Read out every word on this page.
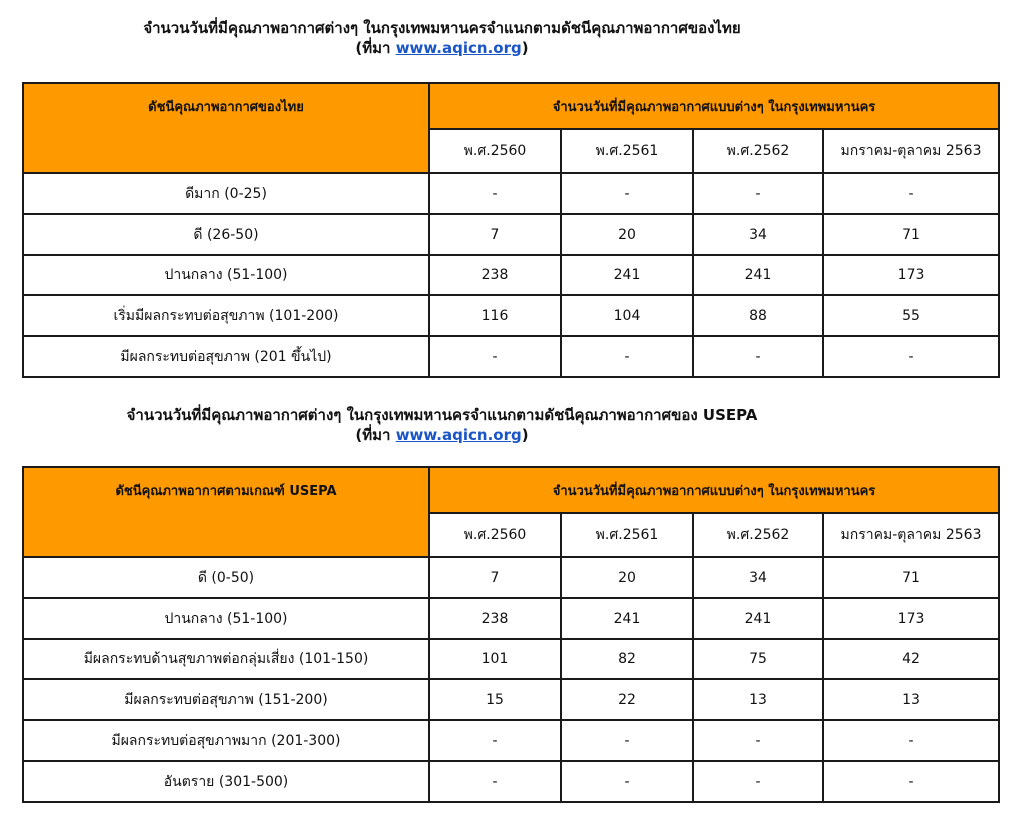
จำนวนวันที่มีคุณภาพอากาศต่างๆ ในกรุงเทพมหานครจำแนกตามดัชนีคุณภาพอากาศของไทย
(ที่มา www.aqicn.org)
ดัชนีคุณภาพอากาศของไทย	จำนวนวันที่มีคุณภาพอากาศแบบต่างๆ ในกรุงเทพมหานคร			
	พ.ศ.2560	พ.ศ.2561	พ.ศ.2562	มกราคม-ตุลาคม 2563
ดีมาก (0-25)	-	-	-	-
ดี (26-50)	7	20	34	71
ปานกลาง (51-100)	238	241	241	173
เริ่มมีผลกระทบต่อสุขภาพ (101-200)	116	104	88	55
มีผลกระทบต่อสุขภาพ (201 ขึ้นไป)	-	-	-	-
จำนวนวันที่มีคุณภาพอากาศต่างๆ ในกรุงเทพมหานครจำแนกตามดัชนีคุณภาพอากาศของ USEPA
(ที่มา www.aqicn.org)
ดัชนีคุณภาพอากาศตามเกณฑ์ USEPA	จำนวนวันที่มีคุณภาพอากาศแบบต่างๆ ในกรุงเทพมหานคร			
	พ.ศ.2560	พ.ศ.2561	พ.ศ.2562	มกราคม-ตุลาคม 2563
ดี (0-50)	7	20	34	71
ปานกลาง (51-100)	238	241	241	173
มีผลกระทบด้านสุขภาพต่อกลุ่มเสี่ยง (101-150)	101	82	75	42
มีผลกระทบต่อสุขภาพ (151-200)	15	22	13	13
มีผลกระทบต่อสุขภาพมาก (201-300)	-	-	-	-
อันตราย (301-500)	-	-	-	-
